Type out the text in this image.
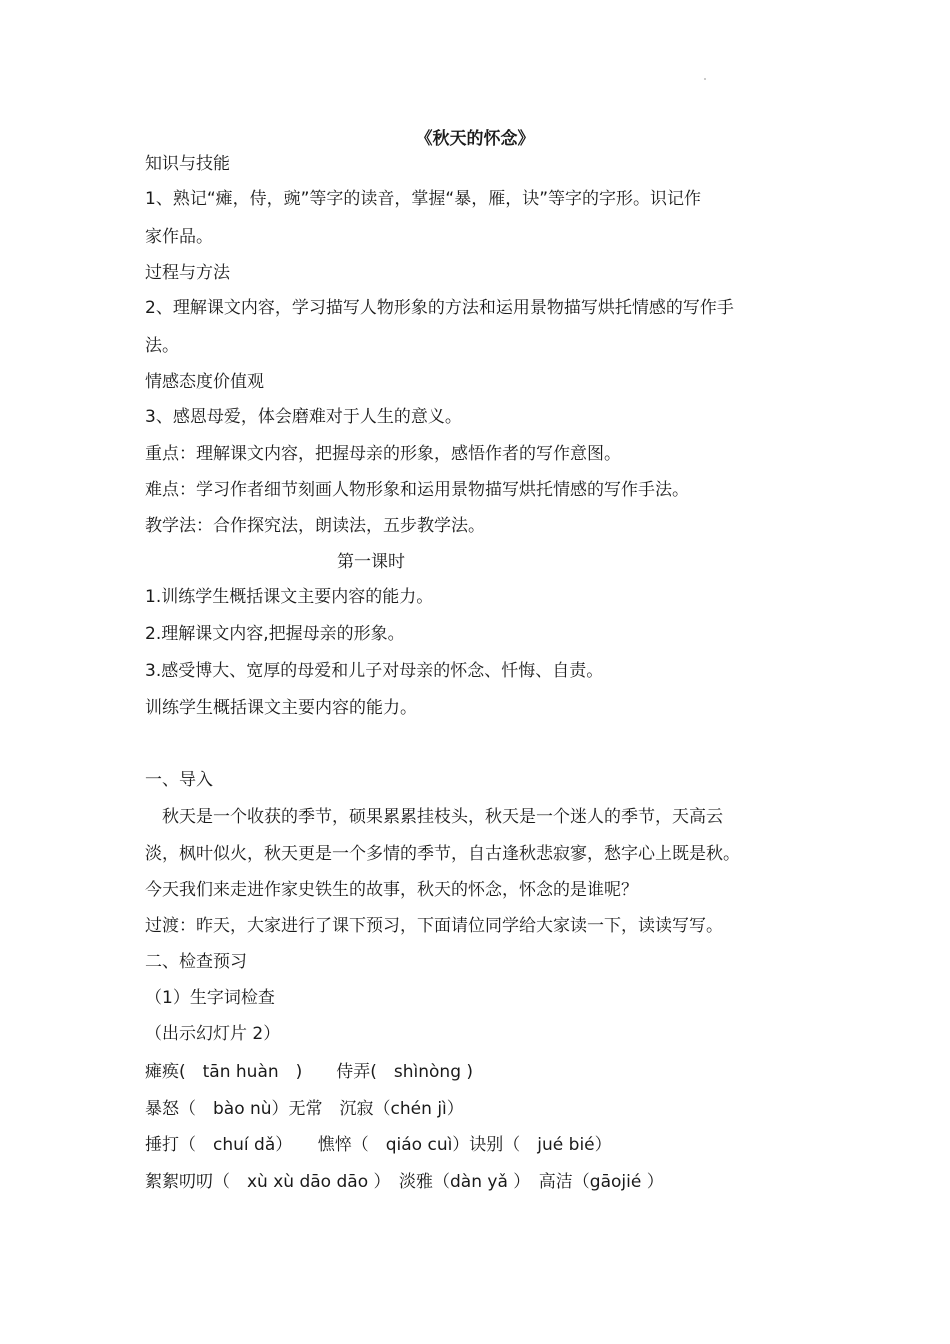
《秋天的怀念》
知识与技能
1、熟记“瘫，侍，豌”等字的读音，掌握“暴，雁，诀”等字的字形。识记作
家作品。
过程与方法
2、理解课文内容，学习描写人物形象的方法和运用景物描写烘托情感的写作手
法。
情感态度价值观
3、感恩母爱，体会磨难对于人生的意义。
重点：理解课文内容，把握母亲的形象，感悟作者的写作意图。
难点：学习作者细节刻画人物形象和运用景物描写烘托情感的写作手法。
教学法：合作探究法，朗读法，五步教学法。
第一课时
1.训练学生概括课文主要内容的能力。
2.理解课文内容,把握母亲的形象。
3.感受博大、宽厚的母爱和儿子对母亲的怀念、忏悔、自责。
训练学生概括课文主要内容的能力。
一、导入
　秋天是一个收获的季节，硕果累累挂枝头，秋天是一个迷人的季节，天高云
淡，枫叶似火，秋天更是一个多情的季节，自古逢秋悲寂寥，愁字心上既是秋。
今天我们来走进作家史铁生的故事，秋天的怀念，怀念的是谁呢？
过渡：昨天，大家进行了课下预习，下面请位同学给大家读一下，读读写写。
二、检查预习
（1）生字词检查
（出示幻灯片 2）
瘫痪(　tān huàn　)　　侍弄(　shìnòng )
暴怒（　bào nù）无常　沉寂（chén jì）
捶打（　chuí dǎ）　　憔悴（　qiáo cuì）诀别（　jué bié）
絮絮叨叨（　xù xù dāo dāo ）　淡雅（dàn yǎ ）　高洁（gāojié ）
